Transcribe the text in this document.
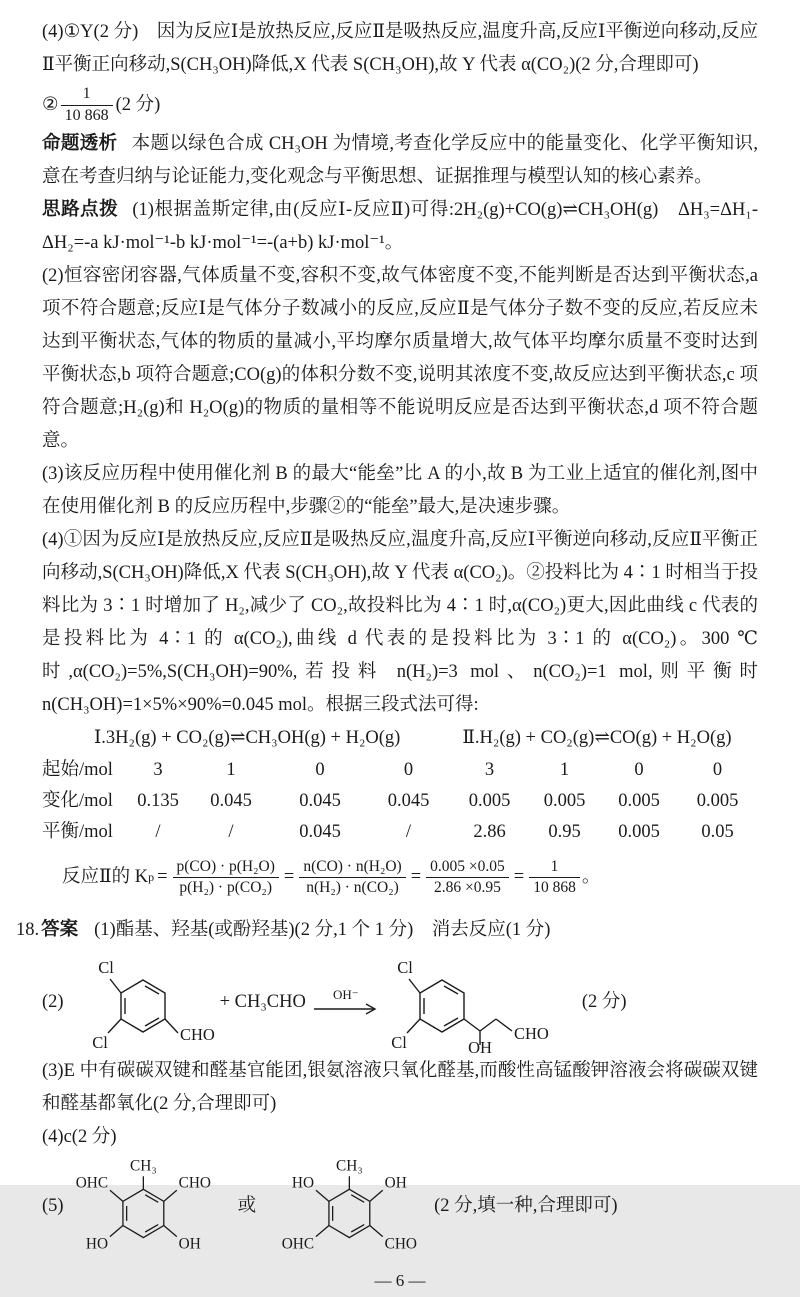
(4)①Y(2 分)　因为反应Ⅰ是放热反应,反应Ⅱ是吸热反应,温度升高,反应Ⅰ平衡逆向移动,反应Ⅱ平衡正向移动,S(CH₃OH)降低,X 代表 S(CH₃OH),故 Y 代表 α(CO₂)(2 分,合理即可)

② $\frac{1}{10 868} (2$ 分)

命题透析 本题以绿色合成 CH₃OH 为情境,考查化学反应中的能量变化、化学平衡知识,意在考查归纳与论证能力,变化观念与平衡思想、证据推理与模型认知的核心素养。

思路点拨 (1)根据盖斯定律,由(反应Ⅰ-反应Ⅱ)可得:2H₂(g)+CO(g)⇌CH₃OH(g)　ΔH₃=ΔH₁-ΔH₂=-a kJ·mol⁻¹-b kJ·mol⁻¹=-(a+b) kJ·mol⁻¹。

(2)恒容密闭容器,气体质量不变,容积不变,故气体密度不变,不能判断是否达到平衡状态,a 项不符合题意;反应Ⅰ是气体分子数减小的反应,反应Ⅱ是气体分子数不变的反应,若反应未达到平衡状态,气体的物质的量减小,平均摩尔质量增大,故气体平均摩尔质量不变时达到平衡状态,b 项符合题意;CO(g)的体积分数不变,说明其浓度不变,故反应达到平衡状态,c 项符合题意;H₂(g)和 H₂O(g)的物质的量相等不能说明反应是否达到平衡状态,d 项不符合题意。

(3)该反应历程中使用催化剂 B 的最大“能垒”比 A 的小,故 B 为工业上适宜的催化剂,图中在使用催化剂 B 的反应历程中,步骤②的“能垒”最大,是决速步骤。

(4)①因为反应Ⅰ是放热反应,反应Ⅱ是吸热反应,温度升高,反应Ⅰ平衡逆向移动,反应Ⅱ平衡正向移动,S(CH₃OH)降低,X 代表 S(CH₃OH),故 Y 代表 α(CO₂)。②投料比为 4∶1 时相当于投料比为 3∶1 时增加了 H₂,减少了 CO₂,故投料比为 4∶1 时,α(CO₂)更大,因此曲线 c 代表的是投料比为 4∶1 的 α(CO₂),曲线 d 代表的是投料比为 3∶1 的 α(CO₂)。300 ℃时,α(CO₂)=5%,S(CH₃OH)=90%,若投料 n(H₂)=3 mol、n(CO₂)=1 mol,则平衡时 n(CH₃OH)=1×5%×90%=0.045 mol。根据三段式法可得:

Ⅰ.3H₂(g) + CO₂(g)⇌CH₃OH(g) + H₂O(g)	Ⅱ.H₂(g) + CO₂(g)⇌CO(g) + H₂O(g)
起始/mol	3	1	0	0	3	1	0	0
变化/mol	0.135	0.045	0.045	0.045	0.005	0.005	0.005	0.005
平衡/mol	/	/	0.045	/	2.86	0.95	0.005	0.05
反应Ⅱ的 K $p = \frac{\text{p(CO) · p(H₂O)}}{\text{p(H₂) · p(CO₂)}} = \frac{\text{n(CO) · n(H₂O)}}{\text{n(H₂) · n(CO₂)}} = \frac{0.005 \times 0.05}{2.86 \times 0.95} = \frac{1}{10 868}$ 。

18. 答案 (1)酯基、羟基(或酚羟基)(2 分,1 个 1 分)　消去反应(1 分)

(2)
Cl
Cl	CHO
+ CH₃CHO OH⁻
Cl
Cl	OH
CHO
(2 分)

(3)E 中有碳碳双键和醛基官能团,银氨溶液只氧化醛基,而酸性高锰酸钾溶液会将碳碳双键和醛基都氧化(2 分,合理即可)

(4)c(2 分)

(5)
CH₃
OHC	CHO
HO	OH
或
CH₃
HO	OH
OHC	CHO
(2 分,填一种,合理即可)
— 6 —
